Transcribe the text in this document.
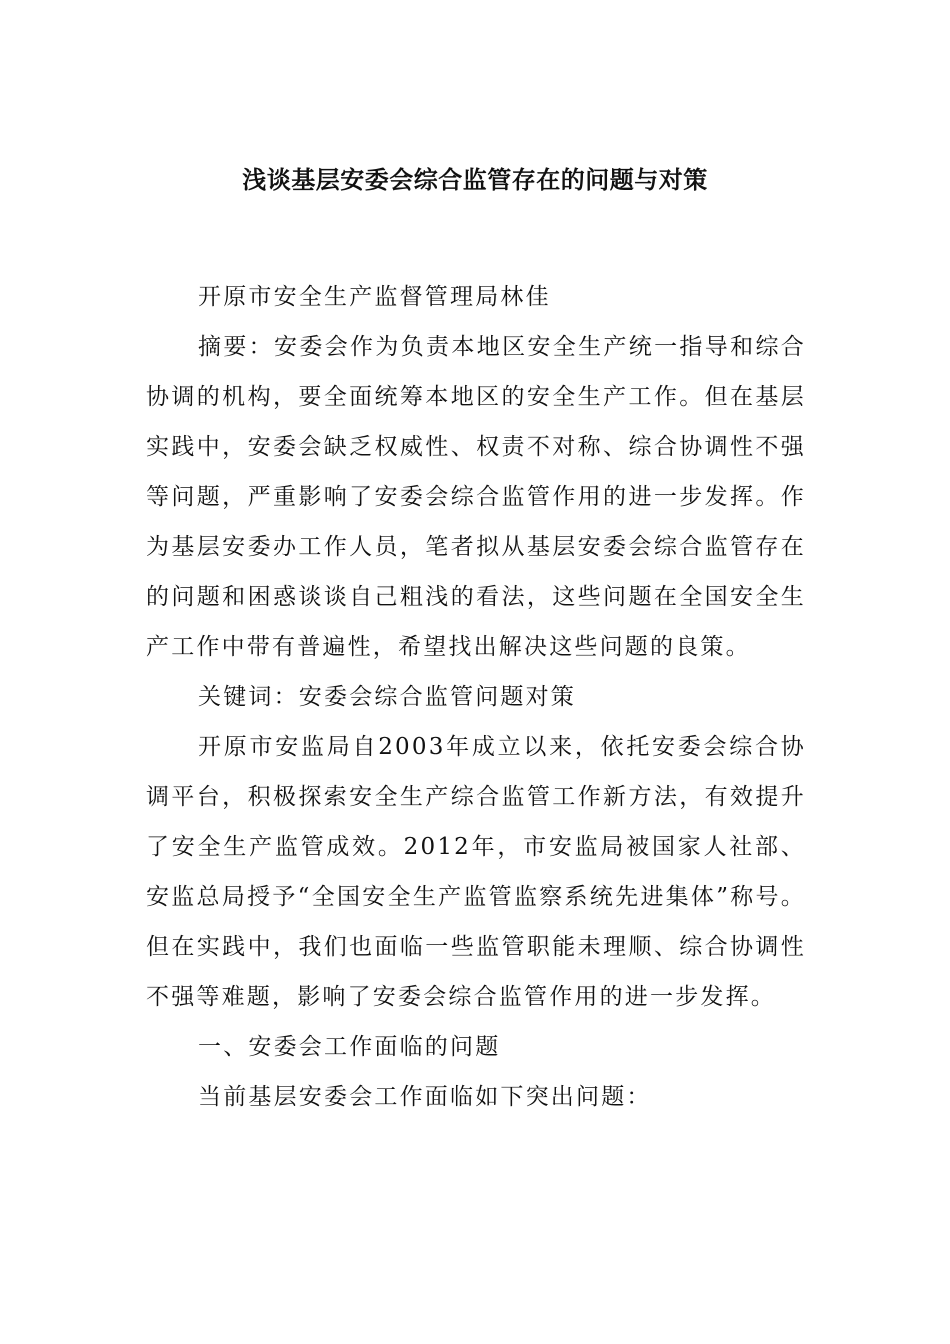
浅谈基层安委会综合监管存在的问题与对策

开原市安全生产监督管理局林佳

摘要：安委会作为负责本地区安全生产统一指导和综合协调的机构，要全面统筹本地区的安全生产工作。但在基层实践中，安委会缺乏权威性、权责不对称、综合协调性不强等问题，严重影响了安委会综合监管作用的进一步发挥。作为基层安委办工作人员，笔者拟从基层安委会综合监管存在的问题和困惑谈谈自己粗浅的看法，这些问题在全国安全生产工作中带有普遍性，希望找出解决这些问题的良策。

关键词：安委会综合监管问题对策

开原市安监局自2003年成立以来，依托安委会综合协调平台，积极探索安全生产综合监管工作新方法，有效提升了安全生产监管成效。2012年，市安监局被国家人社部、安监总局授予“全国安全生产监管监察系统先进集体”称号。但在实践中，我们也面临一些监管职能未理顺、综合协调性不强等难题，影响了安委会综合监管作用的进一步发挥。

一、安委会工作面临的问题

当前基层安委会工作面临如下突出问题：
